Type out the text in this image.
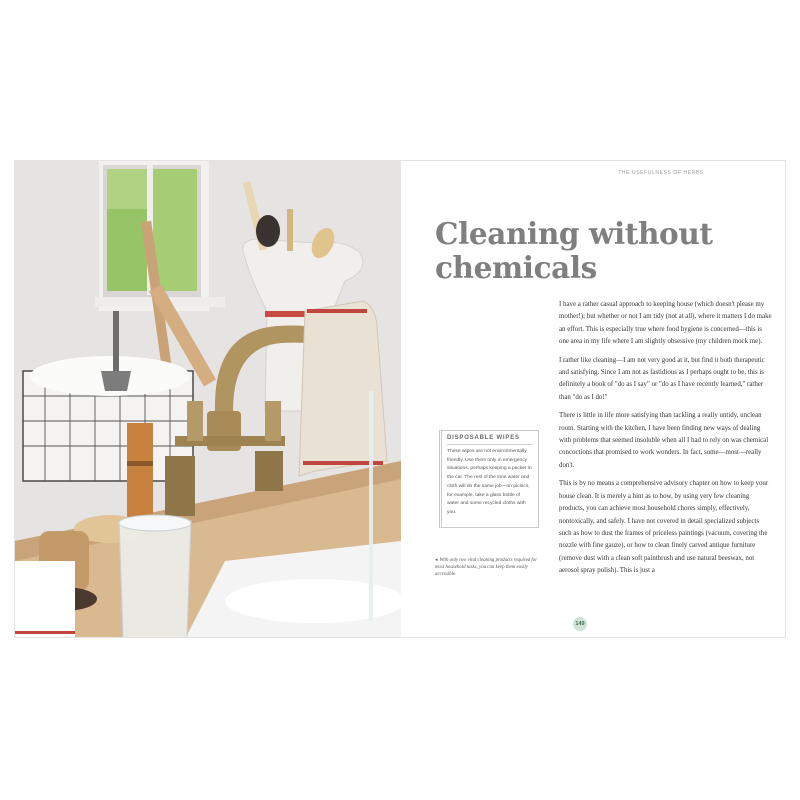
THE USEFULNESS OF HERBS
Cleaning without
chemicals

I have a rather casual approach to keeping house (which doesn't please my mother!); but whether or not I am tidy (not at all), where it matters I do make an effort. This is especially true where food hygiene is concerned—this is one area in my life where I am slightly obsessive (my children mock me).

I rather like cleaning—I am not very good at it, but find it both therapeutic and satisfying. Since I am not as fastidious as I perhaps ought to be, this is definitely a book of "do as I say" or "do as I have recently learned," rather than "do as I do!"

There is little in life more satisfying than tackling a really untidy, unclean room. Starting with the kitchen, I have been finding new ways of dealing with problems that seemed insoluble when all I had to rely on was chemical concoctions that promised to work wonders. In fact, some—most—really don't.

This is by no means a comprehensive advisory chapter on how to keep your house clean. It is merely a hint as to how, by using very few cleaning products, you can achieve most household chores simply, effectively, nontoxically, and safely. I have not covered in detail specialized subjects such as how to dust the frames of priceless paintings (vacuum, covering the nozzle with fine gauze), or how to clean finely carved antique furniture (remove dust with a clean soft paintbrush and use natural beeswax, not aerosol spray polish). This is just a

DISPOSABLE WIPES
These wipes are not environmentally friendly. Use them only in emergency situations, perhaps keeping a packet in the car. The rest of the time water and cloth will do the same job—on picnics, for example, take a glass bottle of water and some recycled cloths with you.
◂ With only two vital cleaning products required for most household tasks, you can keep them easily accessible.
149
